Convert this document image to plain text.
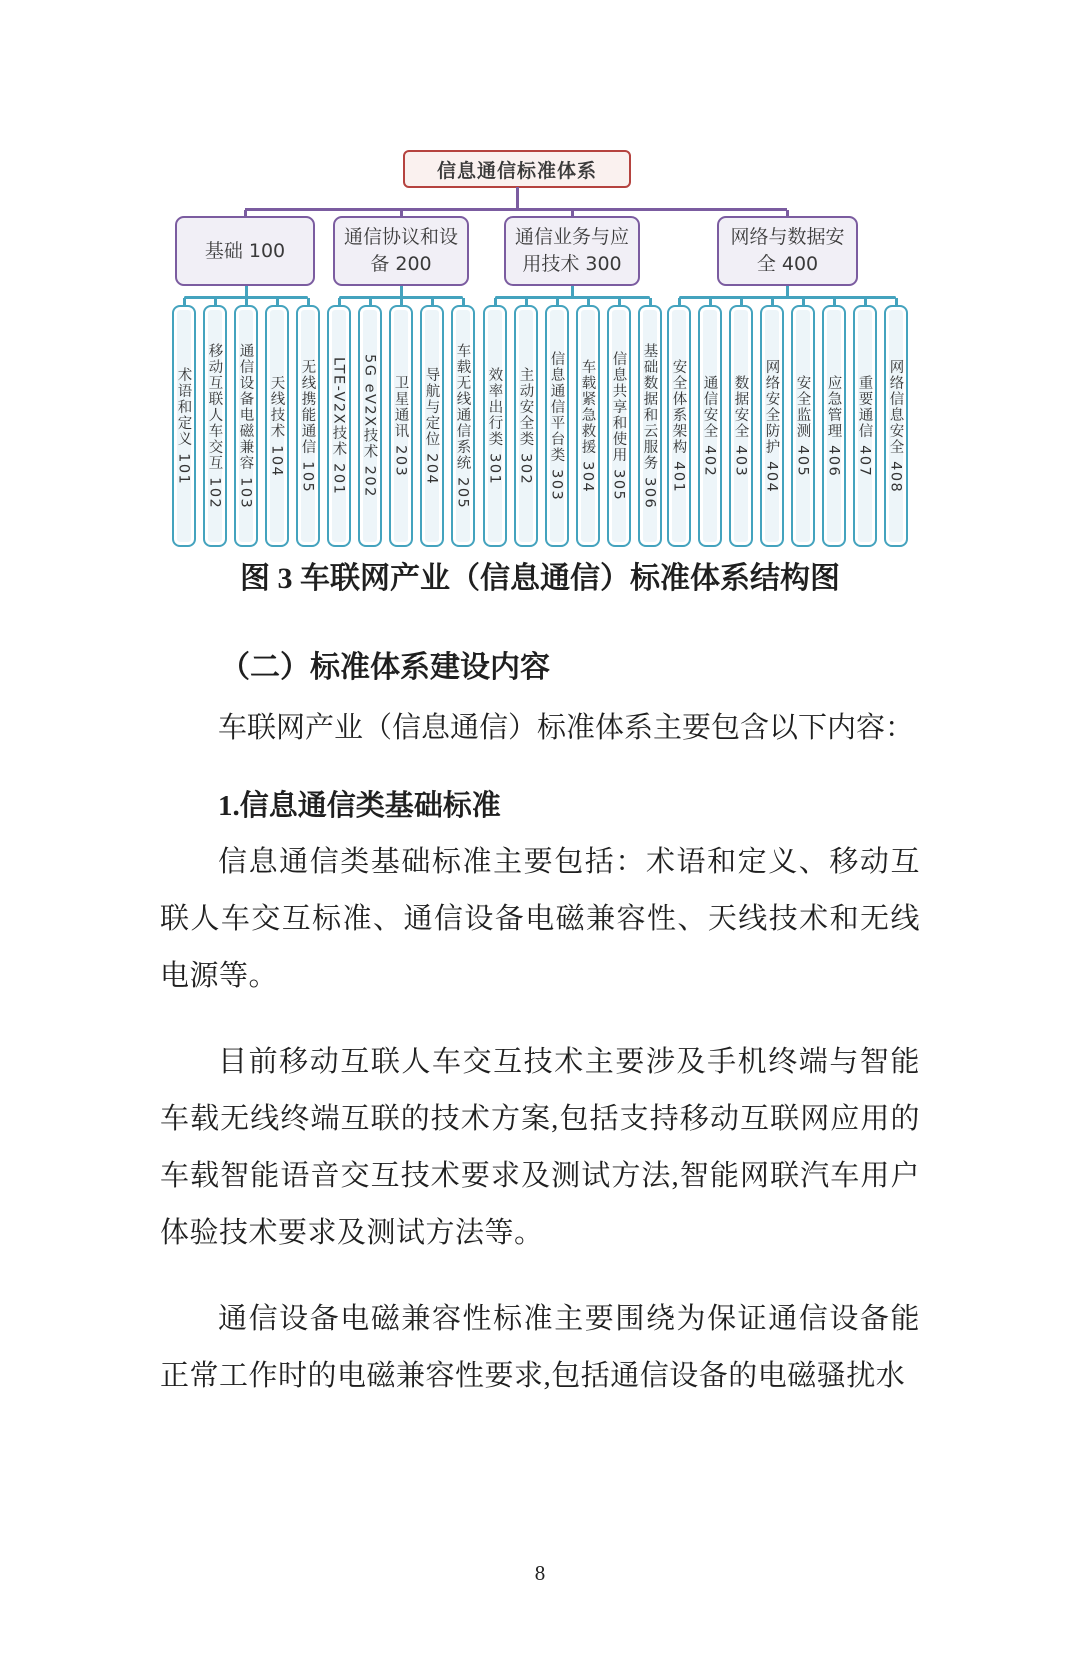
信息通信标准体系
基础 100
通信协议和设备 200
通信业务与应用技术 300
网络与数据安全 400
术语和定义 101	移动互联人车交互 102	通信设备电磁兼容 103	天线技术 104	无线携能通信 105	LTE-V2X技术 201	5G eV2X技术 202	卫星通讯 203	导航与定位 204	车载无线通信系统 205	效率出行类 301	主动安全类 302	信息通信平台类 303	车载紧急救援 304	信息共享和使用 305	基础数据和云服务 306 安全体系架构 401	通信安全 402	数据安全 403	网络安全防护 404	安全监测 405	应急管理 406	重要通信 407	网络信息安全 408
图 3 车联网产业（信息通信）标准体系结构图
（二）标准体系建设内容

车联网产业（信息通信）标准体系主要包含以下内容：

1.信息通信类基础标准

信息通信类基础标准主要包括：术语和定义、移动互联人车交互标准、通信设备电磁兼容性、天线技术和无线电源等。

目前移动互联人车交互技术主要涉及手机终端与智能车载无线终端互联的技术方案,包括支持移动互联网应用的车载智能语音交互技术要求及测试方法,智能网联汽车用户体验技术要求及测试方法等。

通信设备电磁兼容性标准主要围绕为保证通信设备能正常工作时的电磁兼容性要求,包括通信设备的电磁骚扰水

8
